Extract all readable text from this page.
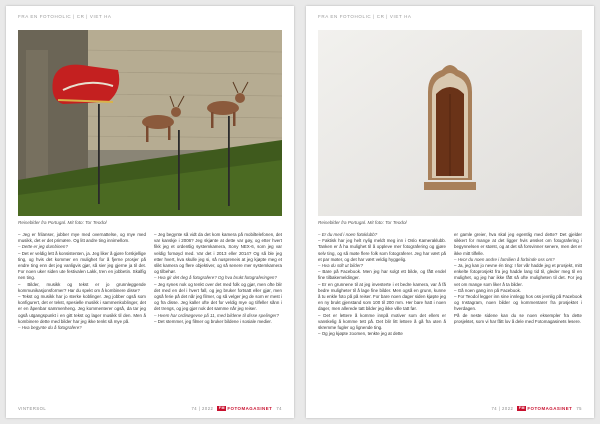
FRA EN FOTOHOLIC | CR | VIET HA
Reiseblder fra Portugal. Mit foto: Tor Teodol

– Jeg er frilanser, jobber mye med overnattelse, og mye med musikk, det er det primære. Og litt andre ting innimellom.

– Dette er jeg dumbinen?

– Det er veldig lett å konsistenten, ja. Jeg liker å gjøre forskjellige ting, og hvis det kommer en mulighet for å fjerne prosjer på endre ting enn det jeg vanligvis gjør, så sier jeg gjerne ja til det. For noen uker siden ute festivalen Lakk, tren en jobbetin. Skalfig nen ting.

– Bilder, musikk og tekst er jo grunnleggende kommunikasjonsformer? Har du spekt om å kombinere disse?

– Tekst og musikk har jo sterke koblinger. Jeg jobber også som konfigurert, det er tekst, spesielle musikk i sammenkoblinger, det er en åpenbar sammenheng. Jeg kommenterer også, da tar jeg også utgangspunkt i en gitt tekst og lager musikk til den. Men å kombinere dette med bilder har jeg ikke tenkt så mye på.

– Hva begynte du å fotografere?

– Jeg begynte så vidt da det kom kamera på mobiltelefonen, det var kanskje i 2006? Jeg skjønte at dette var gøy, og etter hvert fikk jeg et ordentlig systemkamera, Sony NEX-6, som jeg var veldig fornøyd med. Var det i 2013 eller 2014? Og så ble jeg etter hvert, kva skulle jeg si, så nuspreneis at jeg kjøpte meg et slikt kamera og flere objektiver, og så senere mer systemkamera og tilbehør.

– Hva gir det deg å fotografere? Og hva brukt fotograferingen?

– Jeg synes nok og tenkt over det med folk og gjør, men ofte blir det med en del i hvert fall, og jeg bruker fortsatt eller gjør, men også ferie på det når jeg filmer, og så velger jeg de som er mest i og fra disse. Jeg kaller ofte det for veldig mye og tilfeller sånn i det trengs, og jeg gjør nok det samme når jeg reiser.

– Hvem har ordinøgevse på 11, med bildene til disse spelinger?

– Det stemmer, jeg filmer og bruker bildene i sosiale medier.

VINTERSOL	74 | 2022	FM FOTOMAGASINET 74
FRA EN FOTOHOLIC | CR | VIET HA
Reiseblder fra Portugal. Mit foto: Tor Teodol

– Er du med i noen fotoklubb?

– Faktisk har jeg helt nylig meldt meg inn i Oslo Kameraklubb. Tanken er å ha mulighet til å oppleve mer fotografering og gjøre selv ting, og så møte flere folk som fotograferer. Jeg har vært på et par møter, og det har vært veldig hyggelig.

– Hva du stilt ut bilder?

– Bare på Facebook. Men jeg har solgt ett bilde, og fått endel fine tilbakemeldinger.

– Er en grunnene til at jeg investerte i et bedre kamera, var å få bedre muligheter til å lage fine bilder. Men også en grunn, kunne å tu enkle foto på på reiser. For bare noen dager siden kjøpte jeg en ny brukt gjenstand som 100 til 200 mm. Her bare hatt i noen dager, men allerede tatt bilder jeg ikke ville tatt før.

– Det er lettere å komme innpå motiver som det ellers er vanskelig å komme tett på. Det blir litt lettere å gå fra uten å skremme fugler og lignende ting.

– Og jeg kjøpte zoomen, tenkte jeg at dette

er gamle greier, hva skal jeg egentlig med dette? Det gjelder sikkert for mange at det ligger hvis ønsket om fotografering i begynnelsen er størst, og at det så forsvinner senere, men det er ikke mitt tilfelle.

– Hvor du noen andre i familien å forbinde oss om?

– Ja, jeg kan jo nevne én ting: I før vår hadde jeg et prosjekt, mitt enkelte fotoprosjekt fra jeg hadde lang tid til, gleder meg til en mulighet, og jeg har ikke fått så ofte muligheten til det. For jeg vet om mange som liker å ta bilder.

– Gå noen gang inn på Facebook.

– For Teodol legger inn sine innlegg hos oss jevnlig på Facebook og Instagram, noen bilder og kommentarer fra prosjektet i hverdagen.

På de neste sidene kan du se noen eksempler fra dette prosjektet, som vi har fått lov å dele med Fotomagasinets lesere.

74 | 2022	FM FOTOMAGASINET 75
